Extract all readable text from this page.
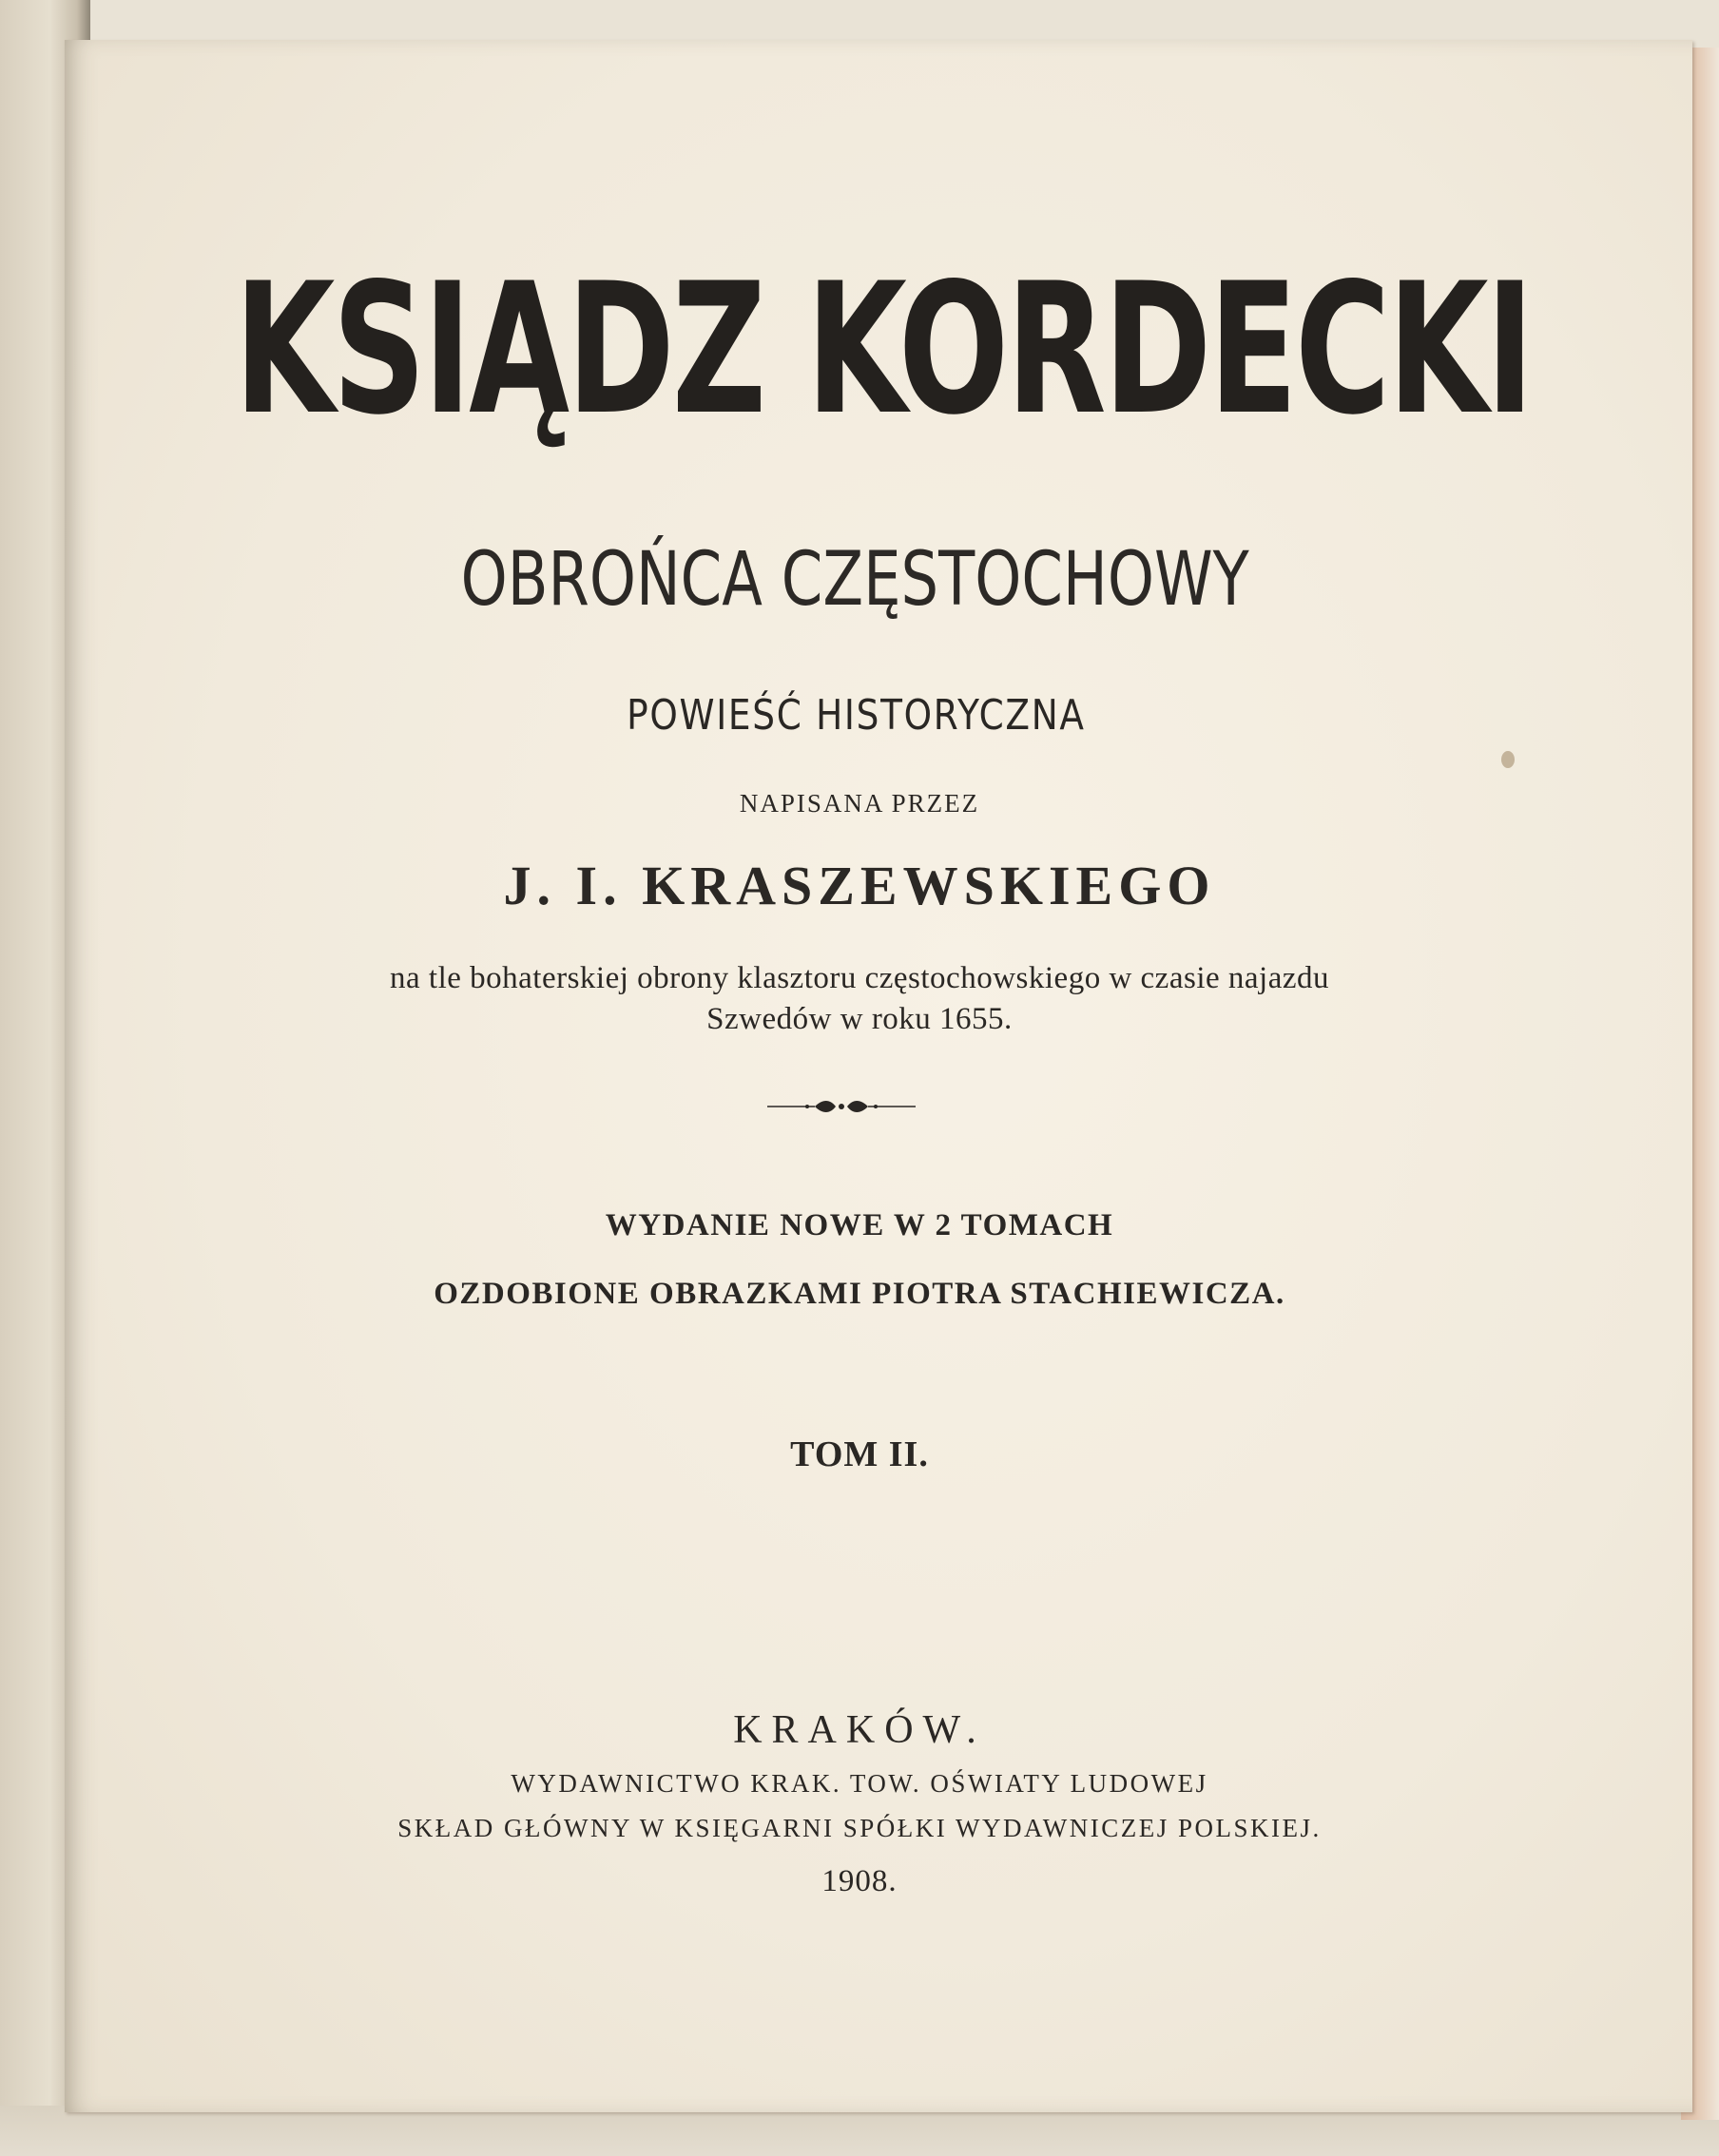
KSIĄDZ KORDECKI
OBROŃCA CZĘSTOCHOWY
POWIEŚĆ HISTORYCZNA
NAPISANA PRZEZ
J. I. KRASZEWSKIEGO
na tle bohaterskiej obrony klasztoru częstochowskiego w czasie najazdu
Szwedów w roku 1655.
WYDANIE NOWE W 2 TOMACH
OZDOBIONE OBRAZKAMI PIOTRA STACHIEWICZA.
TOM II.
KRAKÓW.
WYDAWNICTWO KRAK. TOW. OŚWIATY LUDOWEJ
SKŁAD GŁÓWNY W KSIĘGARNI SPÓŁKI WYDAWNICZEJ POLSKIEJ.
1908.
